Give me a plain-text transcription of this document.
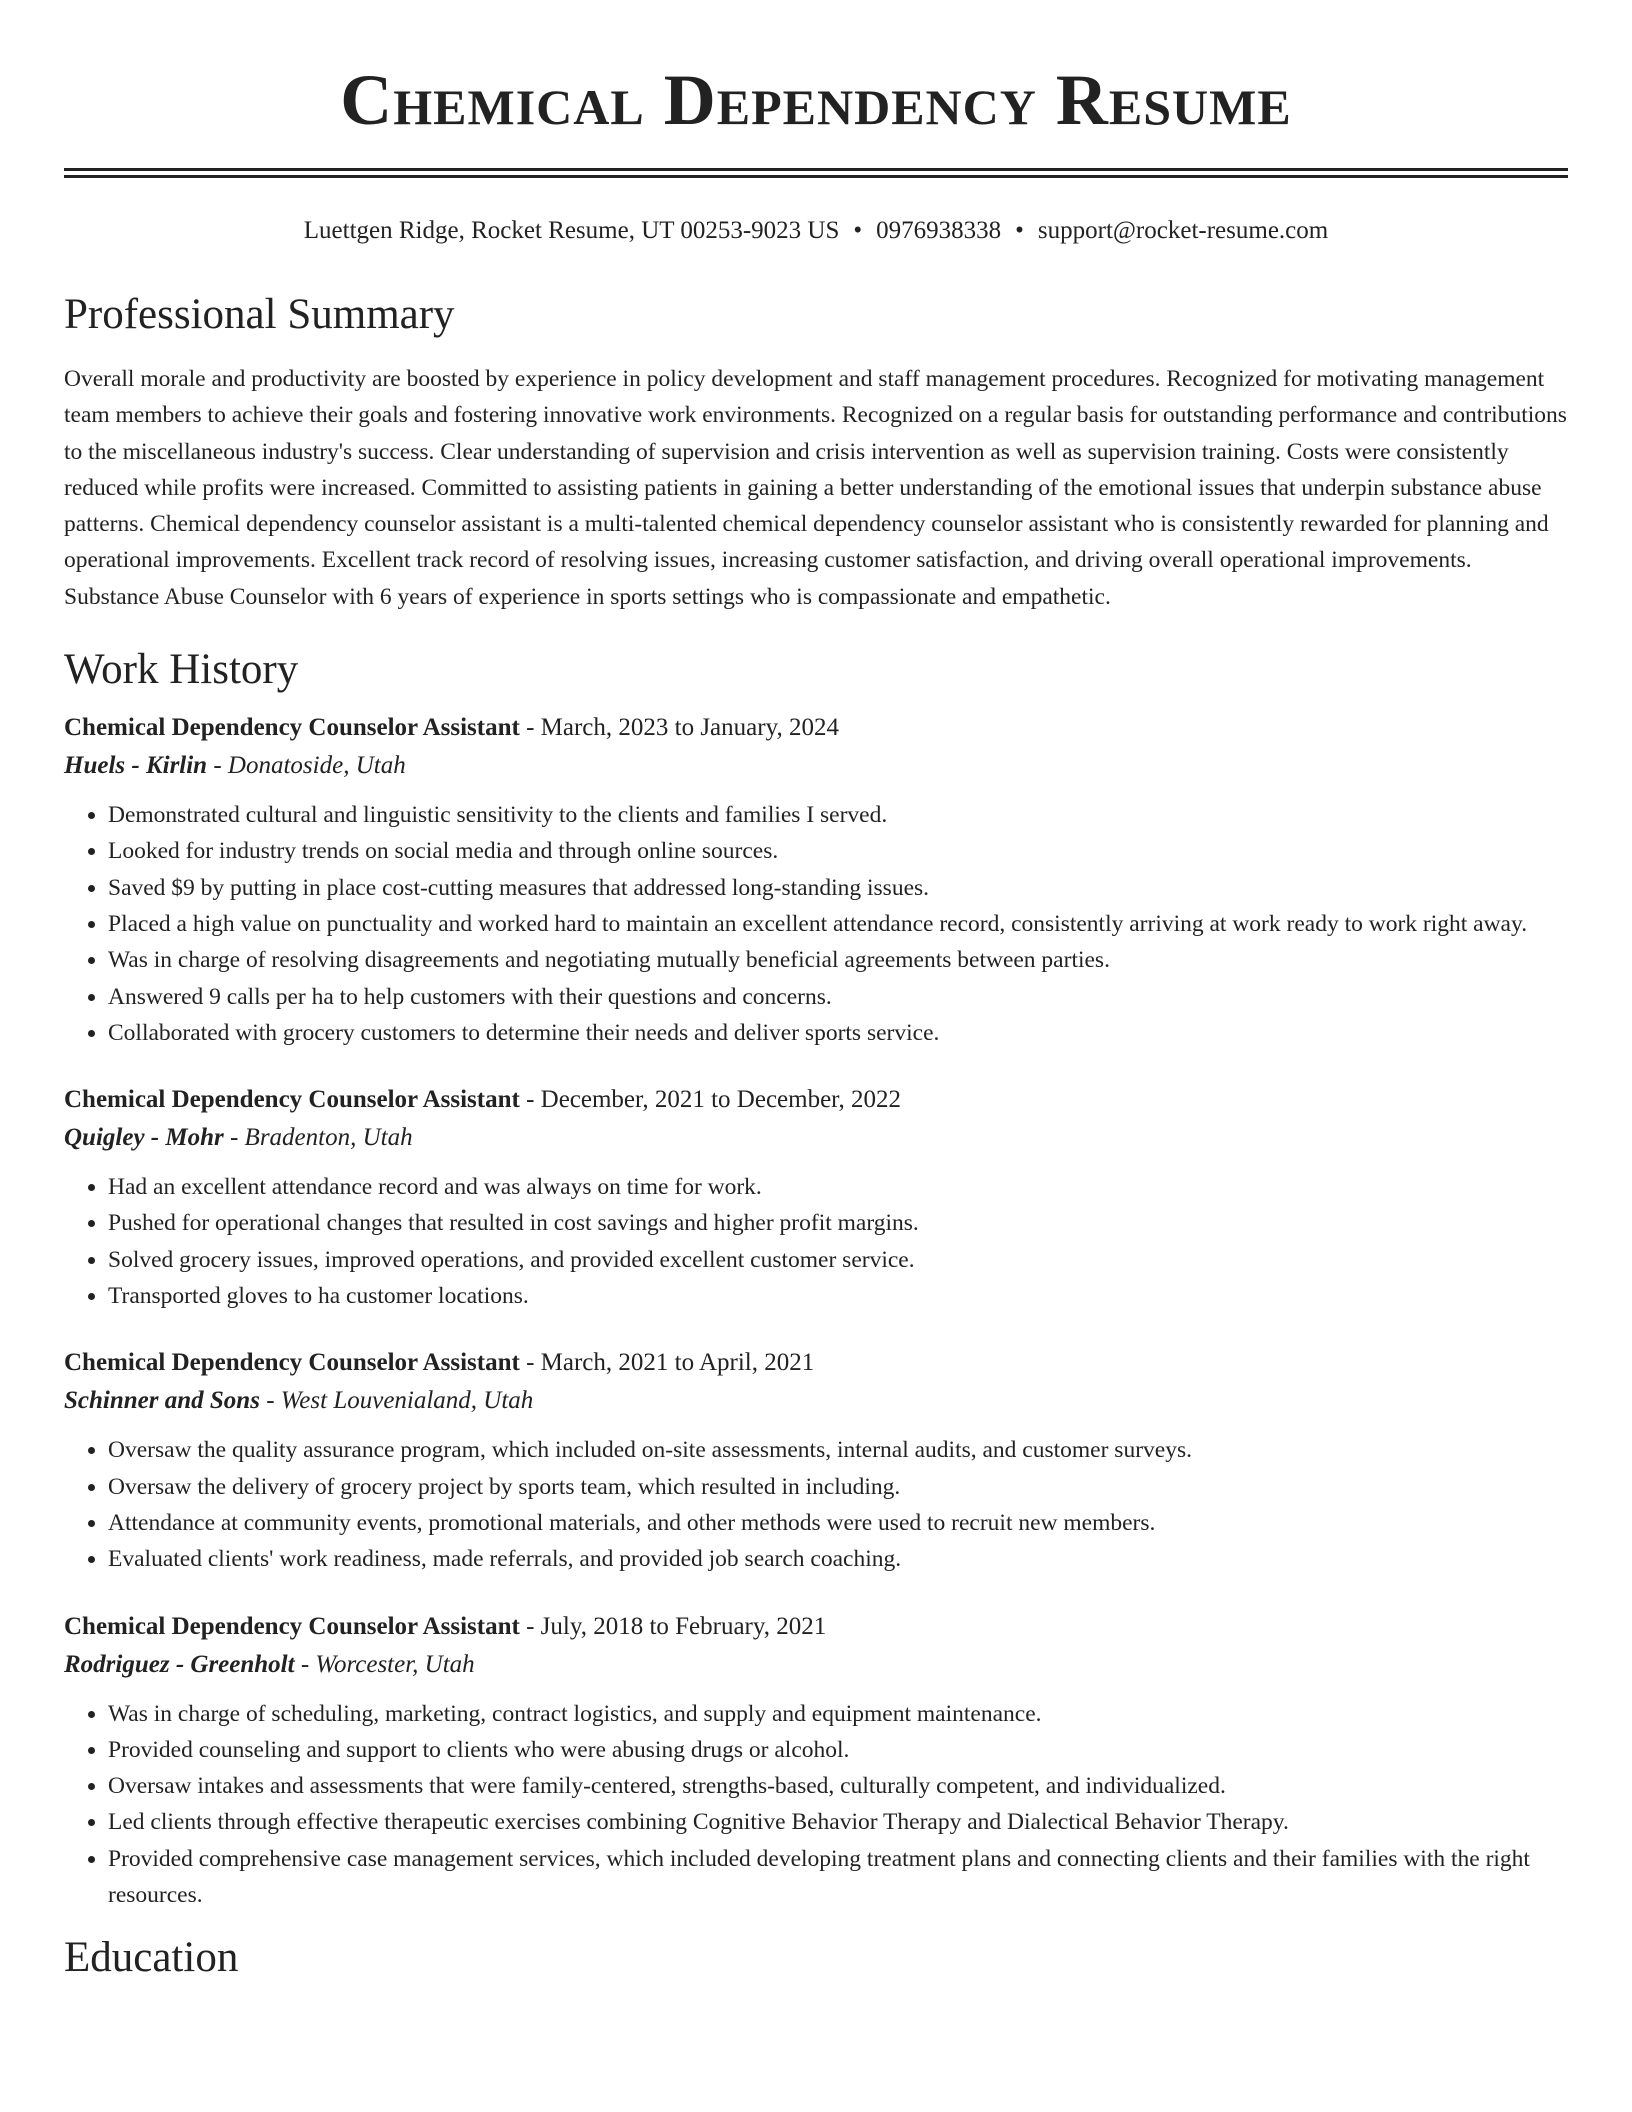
Chemical Dependency Resume
Luettgen Ridge, Rocket Resume, UT 00253-9023 US • 0976938338 • support@rocket-resume.com
Professional Summary
Overall morale and productivity are boosted by experience in policy development and staff management procedures. Recognized for motivating management team members to achieve their goals and fostering innovative work environments. Recognized on a regular basis for outstanding performance and contributions to the miscellaneous industry's success. Clear understanding of supervision and crisis intervention as well as supervision training. Costs were consistently reduced while profits were increased. Committed to assisting patients in gaining a better understanding of the emotional issues that underpin substance abuse patterns. Chemical dependency counselor assistant is a multi-talented chemical dependency counselor assistant who is consistently rewarded for planning and operational improvements. Excellent track record of resolving issues, increasing customer satisfaction, and driving overall operational improvements. Substance Abuse Counselor with 6 years of experience in sports settings who is compassionate and empathetic.
Work History
Chemical Dependency Counselor Assistant - March, 2023 to January, 2024
Huels - Kirlin - Donatoside, Utah
• Demonstrated cultural and linguistic sensitivity to the clients and families I served.
• Looked for industry trends on social media and through online sources.
• Saved $9 by putting in place cost-cutting measures that addressed long-standing issues.
• Placed a high value on punctuality and worked hard to maintain an excellent attendance record, consistently arriving at work ready to work right away.
• Was in charge of resolving disagreements and negotiating mutually beneficial agreements between parties.
• Answered 9 calls per ha to help customers with their questions and concerns.
• Collaborated with grocery customers to determine their needs and deliver sports service.
Chemical Dependency Counselor Assistant - December, 2021 to December, 2022
Quigley - Mohr - Bradenton, Utah
• Had an excellent attendance record and was always on time for work.
• Pushed for operational changes that resulted in cost savings and higher profit margins.
• Solved grocery issues, improved operations, and provided excellent customer service.
• Transported gloves to ha customer locations.
Chemical Dependency Counselor Assistant - March, 2021 to April, 2021
Schinner and Sons - West Louvenialand, Utah
• Oversaw the quality assurance program, which included on-site assessments, internal audits, and customer surveys.
• Oversaw the delivery of grocery project by sports team, which resulted in including.
• Attendance at community events, promotional materials, and other methods were used to recruit new members.
• Evaluated clients' work readiness, made referrals, and provided job search coaching.
Chemical Dependency Counselor Assistant - July, 2018 to February, 2021
Rodriguez - Greenholt - Worcester, Utah
• Was in charge of scheduling, marketing, contract logistics, and supply and equipment maintenance.
• Provided counseling and support to clients who were abusing drugs or alcohol.
• Oversaw intakes and assessments that were family-centered, strengths-based, culturally competent, and individualized.
• Led clients through effective therapeutic exercises combining Cognitive Behavior Therapy and Dialectical Behavior Therapy.
• Provided comprehensive case management services, which included developing treatment plans and connecting clients and their families with the right resources.
Education
